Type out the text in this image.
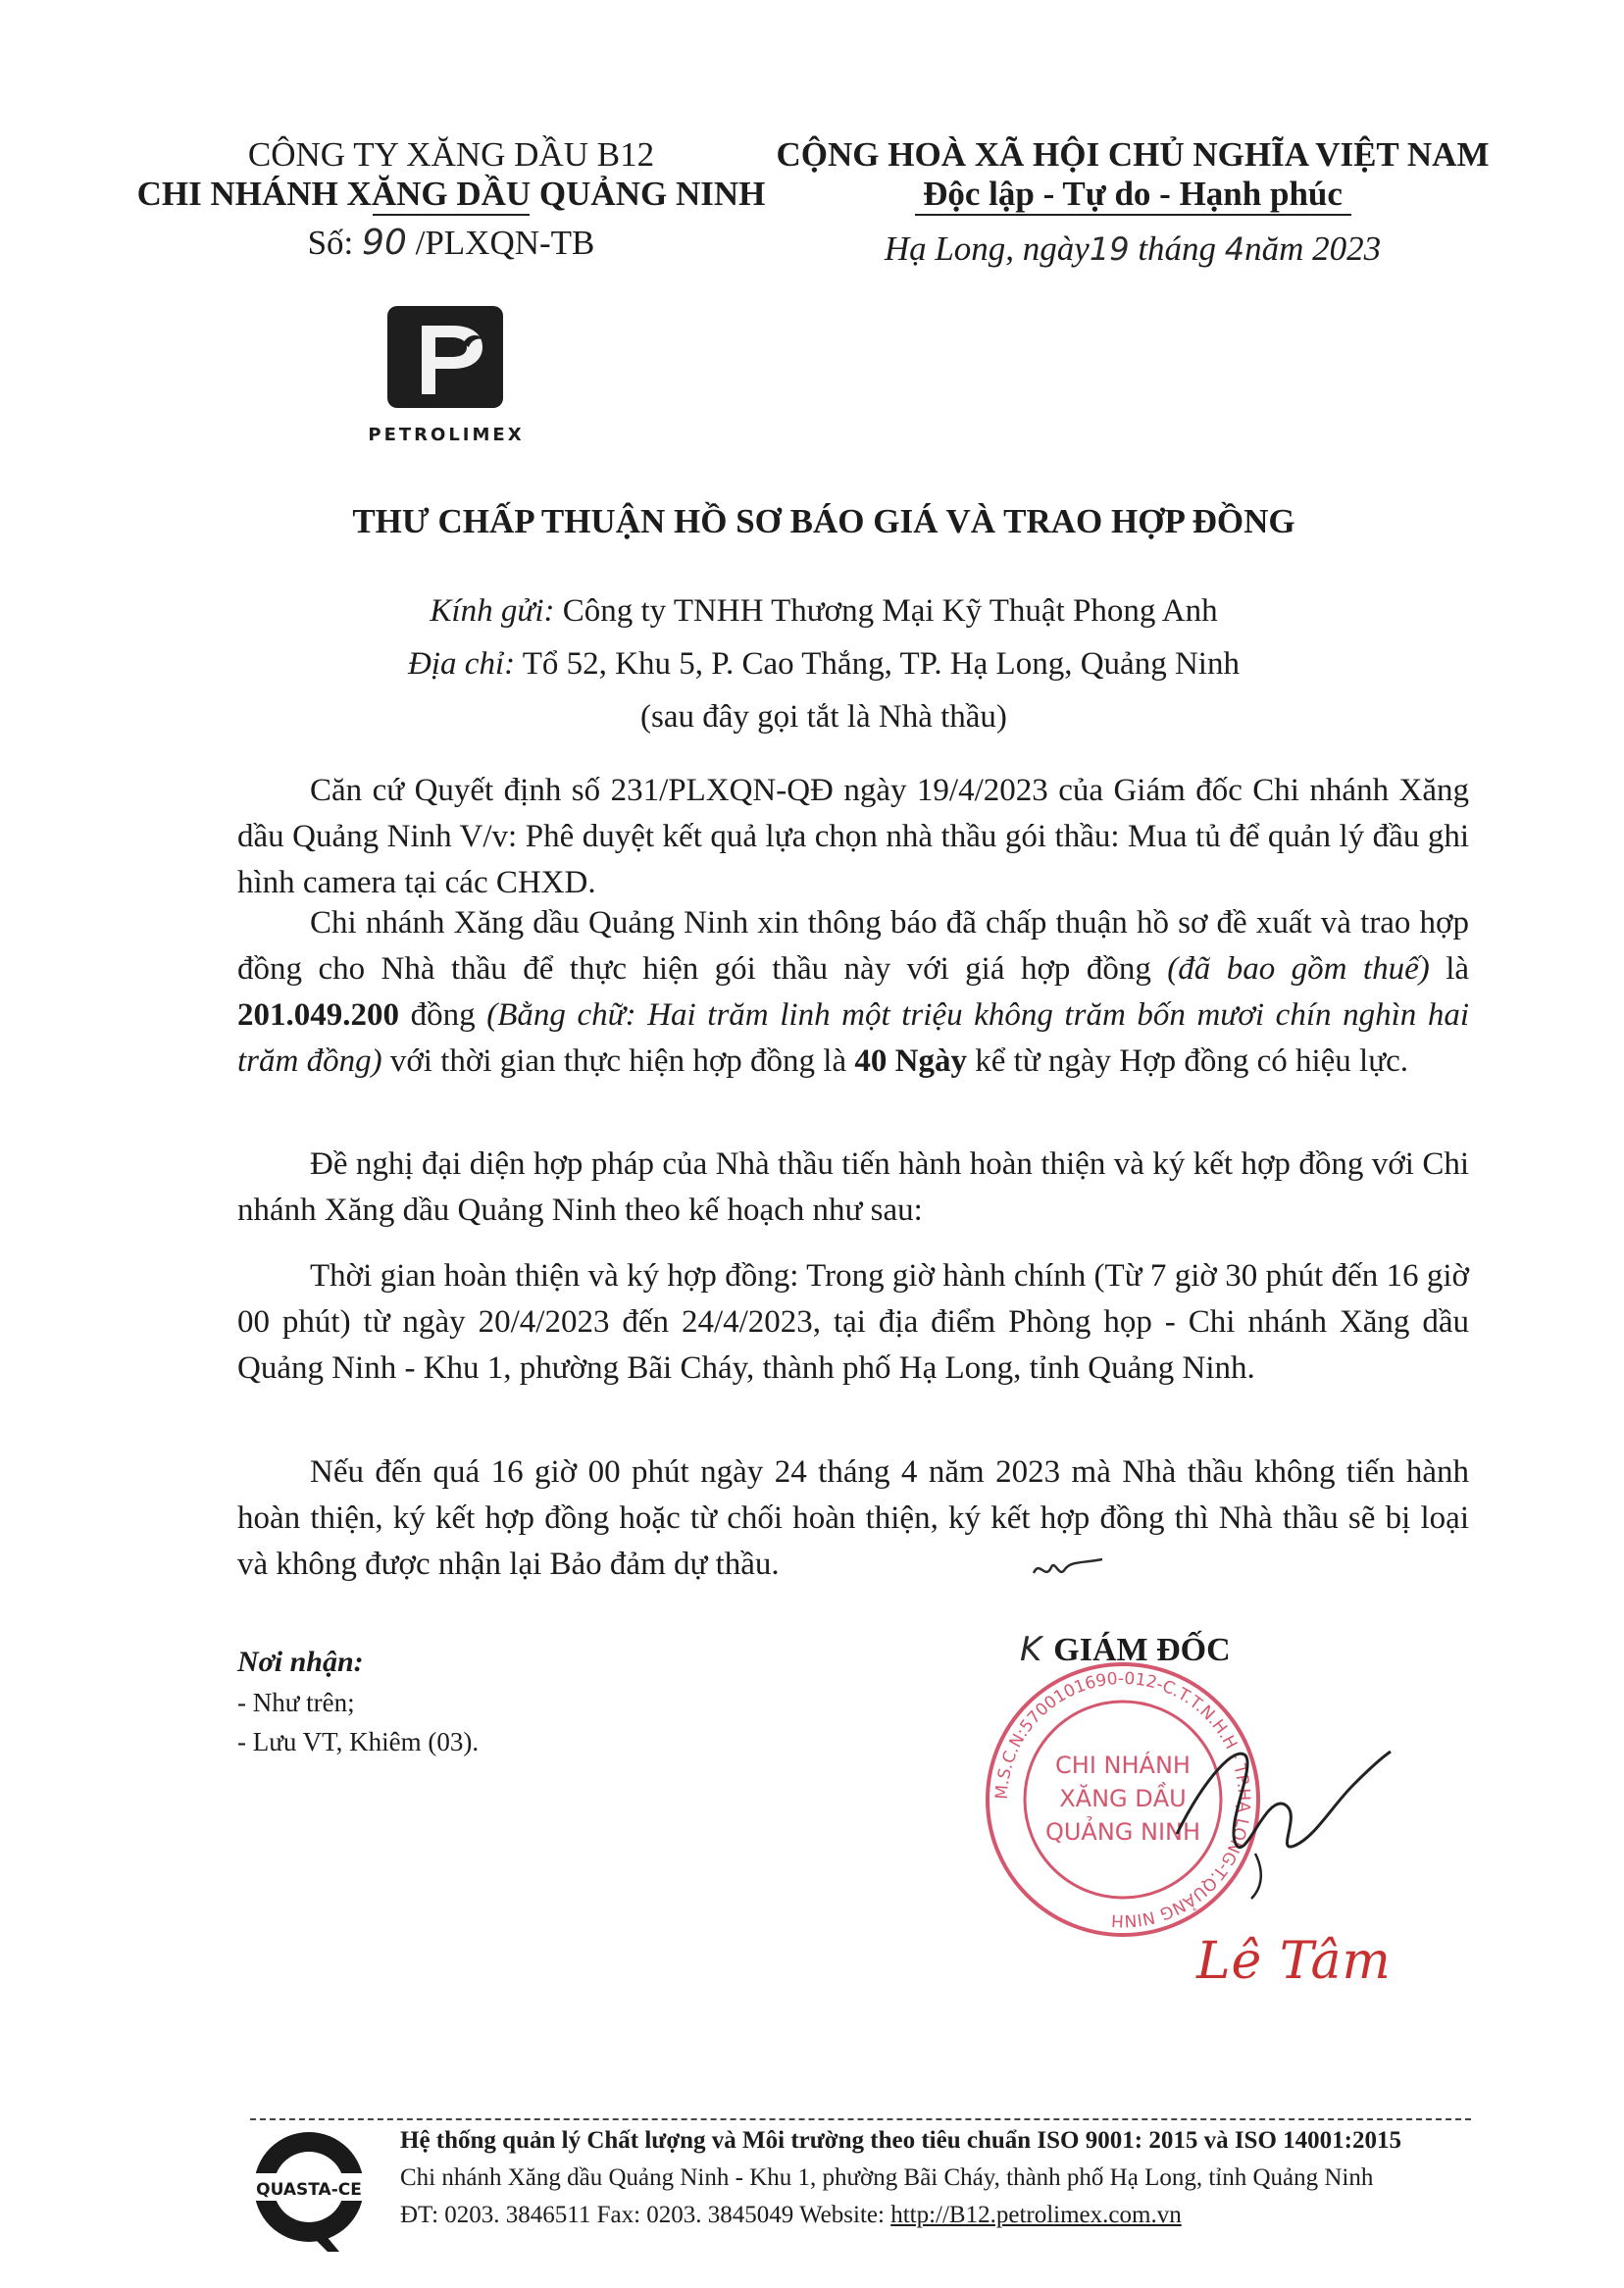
CÔNG TY XĂNG DẦU B12
CHI NHÁNH XĂNG DẦU QUẢNG NINH
Số: 90 /PLXQN-TB
PETROLIMEX
CỘNG HOÀ XÃ HỘI CHỦ NGHĨA VIỆT NAM
Độc lập - Tự do - Hạnh phúc
Hạ Long, ngày19 tháng 4năm 2023
THƯ CHẤP THUẬN HỒ SƠ BÁO GIÁ VÀ TRAO HỢP ĐỒNG
Kính gửi: Công ty TNHH Thương Mại Kỹ Thuật Phong Anh
Địa chỉ: Tổ 52, Khu 5, P. Cao Thắng, TP. Hạ Long, Quảng Ninh
(sau đây gọi tắt là Nhà thầu)
Căn cứ Quyết định số 231/PLXQN-QĐ ngày 19/4/2023 của Giám đốc Chi nhánh Xăng dầu Quảng Ninh V/v: Phê duyệt kết quả lựa chọn nhà thầu gói thầu: Mua tủ để quản lý đầu ghi hình camera tại các CHXD.
Chi nhánh Xăng dầu Quảng Ninh xin thông báo đã chấp thuận hồ sơ đề xuất và trao hợp đồng cho Nhà thầu để thực hiện gói thầu này với giá hợp đồng (đã bao gồm thuế) là 201.049.200 đồng (Bằng chữ: Hai trăm linh một triệu không trăm bốn mươi chín nghìn hai trăm đồng) với thời gian thực hiện hợp đồng là 40 Ngày kể từ ngày Hợp đồng có hiệu lực.
Đề nghị đại diện hợp pháp của Nhà thầu tiến hành hoàn thiện và ký kết hợp đồng với Chi nhánh Xăng dầu Quảng Ninh theo kế hoạch như sau:
Thời gian hoàn thiện và ký hợp đồng: Trong giờ hành chính (Từ 7 giờ 30 phút đến 16 giờ 00 phút) từ ngày 20/4/2023 đến 24/4/2023, tại địa điểm Phòng họp - Chi nhánh Xăng dầu Quảng Ninh - Khu 1, phường Bãi Cháy, thành phố Hạ Long, tỉnh Quảng Ninh.
Nếu đến quá 16 giờ 00 phút ngày 24 tháng 4 năm 2023 mà Nhà thầu không tiến hành hoàn thiện, ký kết hợp đồng hoặc từ chối hoàn thiện, ký kết hợp đồng thì Nhà thầu sẽ bị loại và không được nhận lại Bảo đảm dự thầu.
Nơi nhận:
- Như trên;
- Lưu VT, Khiêm (03).
K GIÁM ĐỐC
M.S.C.N:5700101690-012-C.T.T.N.H.H - TP.HẠ LONG-T.QUẢNG NINH
CHI NHÁNH
XĂNG DẦU
QUẢNG NINH
Lê Tâm
QUASTA-CE
Hệ thống quản lý Chất lượng và Môi trường theo tiêu chuẩn ISO 9001: 2015 và ISO 14001:2015
Chi nhánh Xăng dầu Quảng Ninh - Khu 1, phường Bãi Cháy, thành phố Hạ Long, tỉnh Quảng Ninh
ĐT: 0203. 3846511 Fax: 0203. 3845049 Website: http://B12.petrolimex.com.vn
